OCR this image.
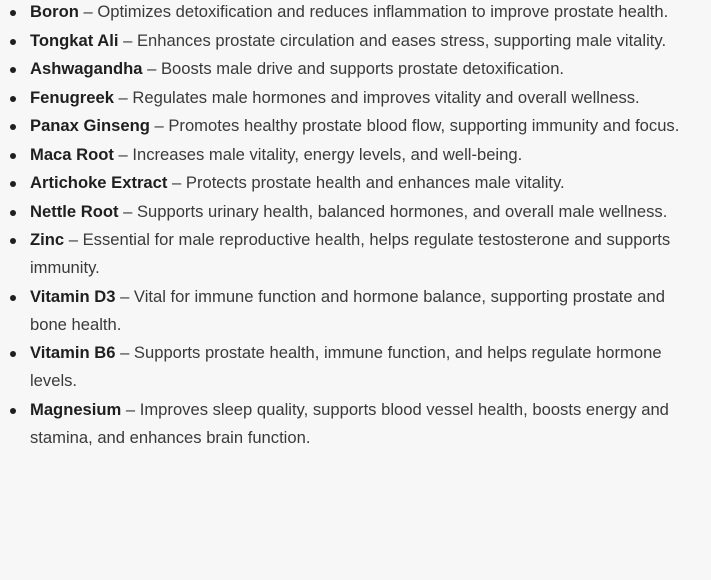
Boron – Optimizes detoxification and reduces inflammation to improve prostate health.
Tongkat Ali – Enhances prostate circulation and eases stress, supporting male vitality.
Ashwagandha – Boosts male drive and supports prostate detoxification.
Fenugreek – Regulates male hormones and improves vitality and overall wellness.
Panax Ginseng – Promotes healthy prostate blood flow, supporting immunity and focus.
Maca Root – Increases male vitality, energy levels, and well-being.
Artichoke Extract – Protects prostate health and enhances male vitality.
Nettle Root – Supports urinary health, balanced hormones, and overall male wellness.
Zinc – Essential for male reproductive health, helps regulate testosterone and supports immunity.
Vitamin D3 – Vital for immune function and hormone balance, supporting prostate and bone health.
Vitamin B6 – Supports prostate health, immune function, and helps regulate hormone levels.
Magnesium – Improves sleep quality, supports blood vessel health, boosts energy and stamina, and enhances brain function.
